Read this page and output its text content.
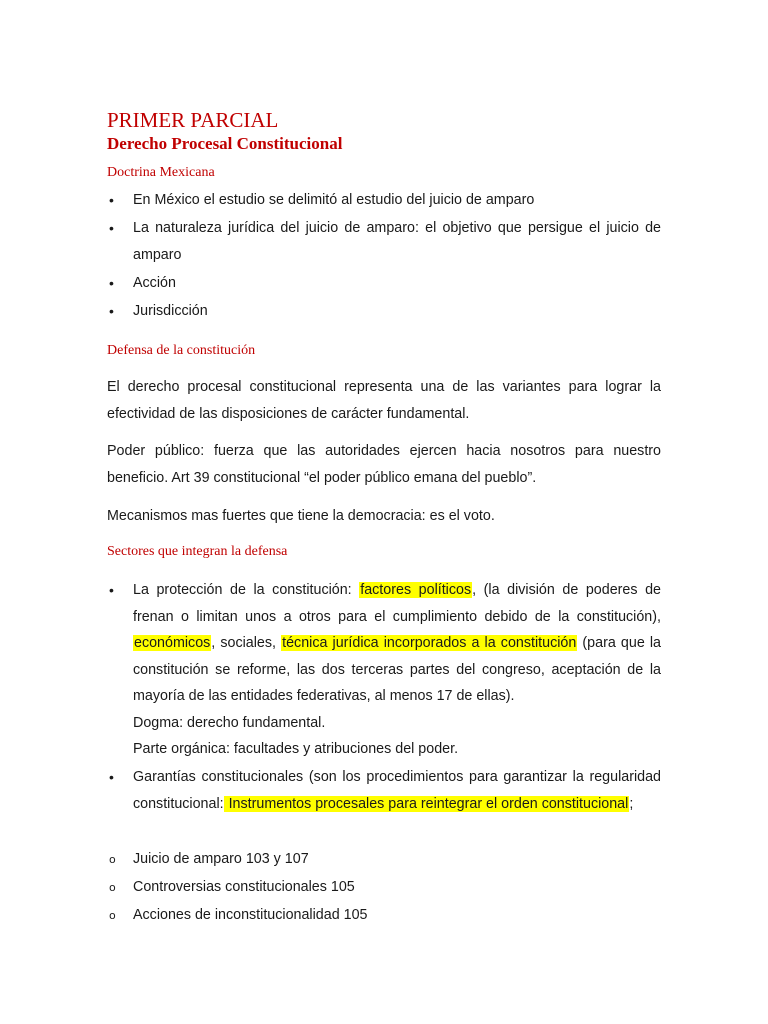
PRIMER PARCIAL
Derecho Procesal Constitucional
Doctrina Mexicana
• En México el estudio se delimitó al estudio del juicio de amparo
• La naturaleza jurídica del juicio de amparo: el objetivo que persigue el juicio de amparo
• Acción
• Jurisdicción
Defensa de la constitución

El derecho procesal constitucional representa una de las variantes para lograr la efectividad de las disposiciones de carácter fundamental.

Poder público: fuerza que las autoridades ejercen hacia nosotros para nuestro beneficio. Art 39 constitucional “el poder público emana del pueblo”.

Mecanismos mas fuertes que tiene la democracia: es el voto.

Sectores que integran la defensa
• La protección de la constitución: factores políticos, (la división de poderes de frenan o limitan unos a otros para el cumplimiento debido de la constitución), económicos, sociales, técnica jurídica incorporados a la constitución (para que la constitución se reforme, las dos terceras partes del congreso, aceptación de la mayoría de las entidades federativas, al menos 17 de ellas).
Dogma: derecho fundamental.
Parte orgánica: facultades y atribuciones del poder.
• Garantías constitucionales (son los procedimientos para garantizar la regularidad constitucional: Instrumentos procesales para reintegrar el orden constitucional;
o Juicio de amparo 103 y 107
o Controversias constitucionales 105
o Acciones de inconstitucionalidad 105
